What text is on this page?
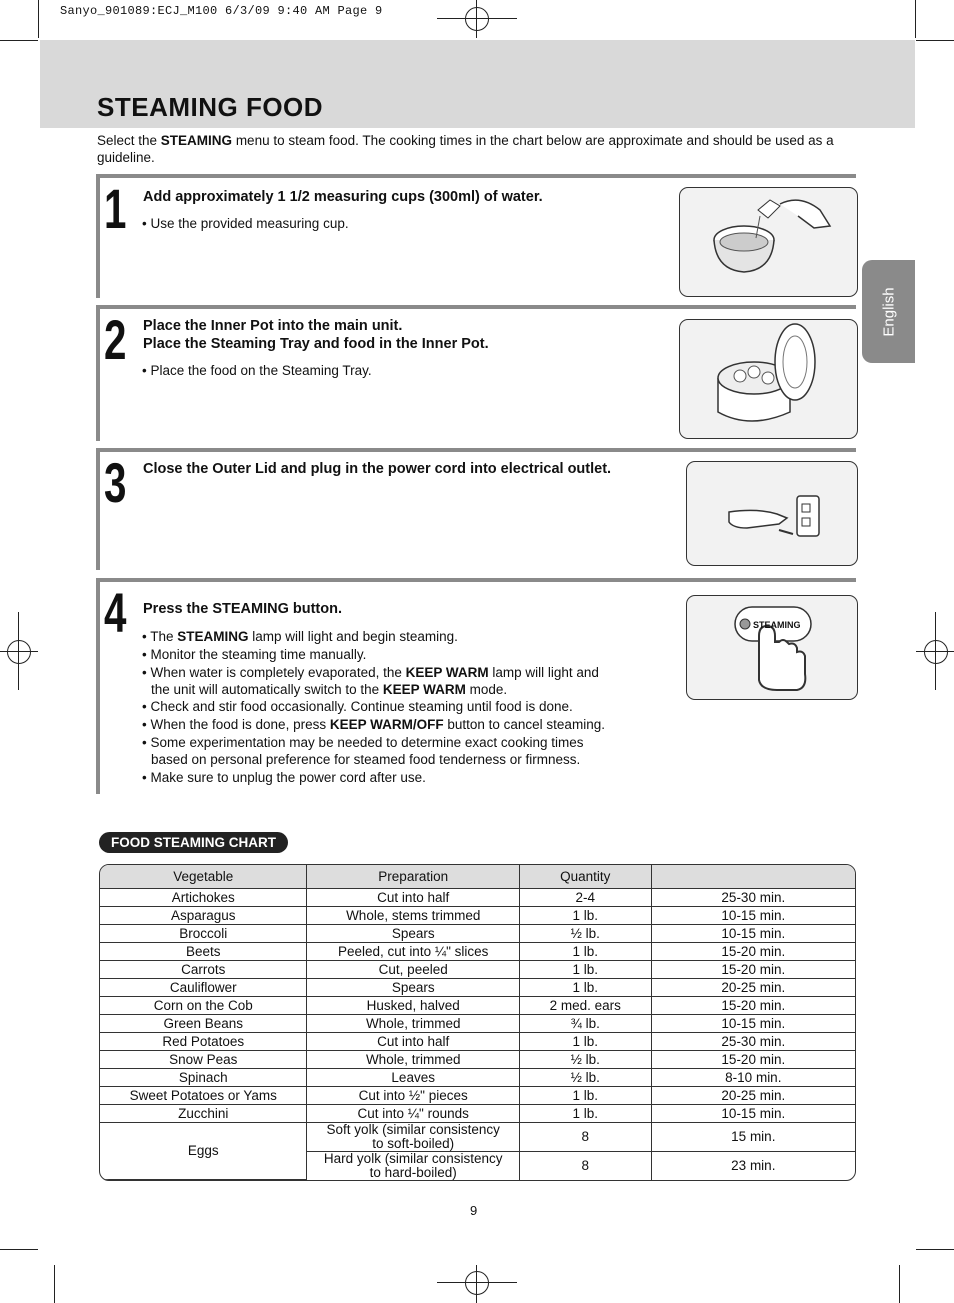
Sanyo_901089:ECJ_M100 6/3/09 9:40 AM Page 9
STEAMING FOOD
Select the STEAMING menu to steam food. The cooking times in the chart below are approximate and should be used as a guideline.
English
1 Add approximately 1 1/2 measuring cups (300ml) of water.
• Use the provided measuring cup.
2 Place the Inner Pot into the main unit.
Place the Steaming Tray and food in the Inner Pot.
• Place the food on the Steaming Tray.
3 Close the Outer Lid and plug in the power cord into electrical outlet.
4 Press the STEAMING button.
• The STEAMING lamp will light and begin steaming.
• Monitor the steaming time manually.
• When water is completely evaporated, the KEEP WARM lamp will light and
the unit will automatically switch to the KEEP WARM mode.
• Check and stir food occasionally. Continue steaming until food is done.
• When the food is done, press KEEP WARM/OFF button to cancel steaming.
• Some experimentation may be needed to determine exact cooking times
based on personal preference for steamed food tenderness or firmness.
• Make sure to unplug the power cord after use.
STEAMING
FOOD STEAMING CHART
Vegetable	Preparation	Quantity	
Artichokes	Cut into half	2-4	25-30 min.
Asparagus	Whole, stems trimmed	1 lb.	10-15 min.
Broccoli	Spears	½ lb.	10-15 min.
Beets	Peeled, cut into ¼" slices	1 lb.	15-20 min.
Carrots	Cut, peeled	1 lb.	15-20 min.
Cauliflower	Spears	1 lb.	20-25 min.
Corn on the Cob	Husked, halved	2 med. ears	15-20 min.
Green Beans	Whole, trimmed	¾ lb.	10-15 min.
Red Potatoes	Cut into half	1 lb.	25-30 min.
Snow Peas	Whole, trimmed	½ lb.	15-20 min.
Spinach	Leaves	½ lb.	8-10 min.
Sweet Potatoes or Yams	Cut into ½" pieces	1 lb.	20-25 min.
Zucchini	Cut into ¼" rounds	1 lb.	10-15 min.
Eggs	Soft yolk (similar consistency
to soft-boiled)	8	15 min.

	Hard yolk (similar consistency
to hard-boiled)	8	23 min.
9
